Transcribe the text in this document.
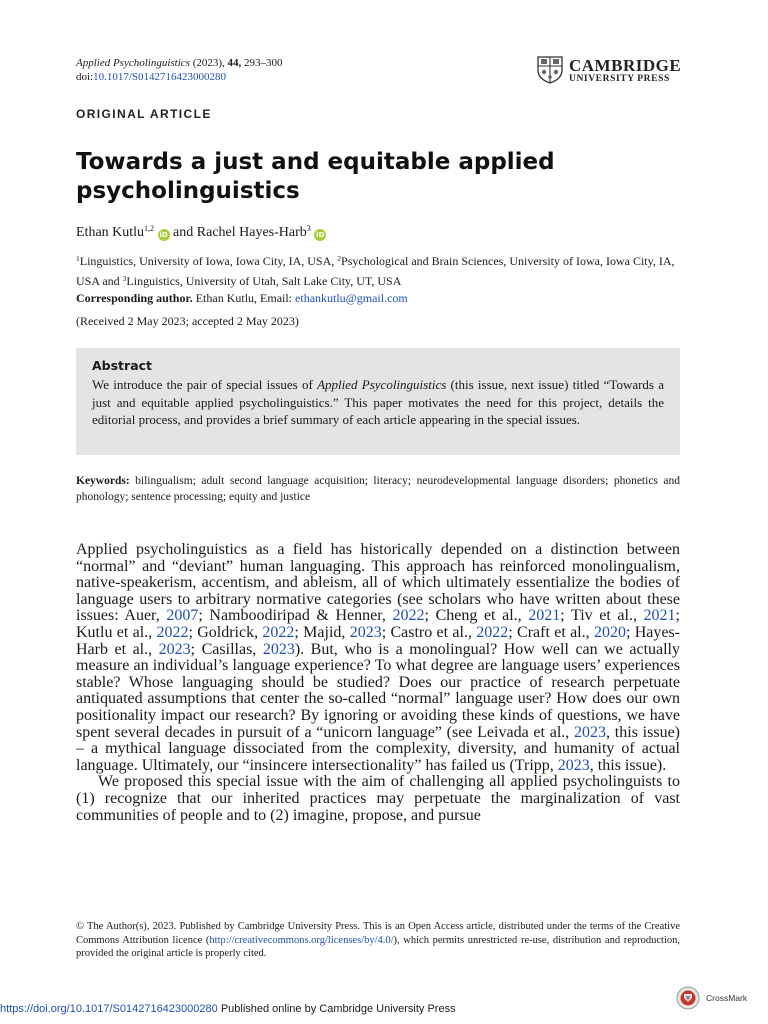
Applied Psycholinguistics (2023), 44, 293–300
doi:10.1017/S0142716423000280
CAMBRIDGE
UNIVERSITY PRESS
ORIGINAL ARTICLE
Towards a just and equitable applied psycholinguistics
Ethan Kutlu$^{1,2}$ iD and Rachel Hayes-Harb$^3$ iD
$^1$Linguistics, University of Iowa, Iowa City, IA, USA, $^2$Psychological and Brain Sciences, University of Iowa, Iowa City, IA, USA and $^3$Linguistics, University of Utah, Salt Lake City, UT, USA
Corresponding author. Ethan Kutlu, Email: ethankutlu@gmail.com
(Received 2 May 2023; accepted 2 May 2023)
Abstract

We introduce the pair of special issues of Applied Psycolinguistics (this issue, next issue) titled “Towards a just and equitable applied psycholinguistics.” This paper motivates the need for this project, details the editorial process, and provides a brief summary of each article appearing in the special issues.

Keywords: bilingualism; adult second language acquisition; literacy; neurodevelopmental language disorders; phonetics and phonology; sentence processing; equity and justice

Applied psycholinguistics as a field has historically depended on a distinction between “normal” and “deviant” human languaging. This approach has reinforced monolingualism, native-speakerism, accentism, and ableism, all of which ultimately essentialize the bodies of language users to arbitrary normative categories (see scholars who have written about these issues: Auer, 2007; Namboodiripad & Henner, 2022; Cheng et al., 2021; Tiv et al., 2021; Kutlu et al., 2022; Goldrick, 2022; Majid, 2023; Castro et al., 2022; Craft et al., 2020; Hayes-Harb et al., 2023; Casillas, 2023). But, who is a monolingual? How well can we actually measure an individual’s language experience? To what degree are language users’ experiences stable? Whose languaging should be studied? Does our practice of research perpetuate antiquated assumptions that center the so-called “normal” language user? How does our own positionality impact our research? By ignoring or avoiding these kinds of questions, we have spent several decades in pursuit of a “unicorn language” (see Leivada et al., 2023, this issue) – a mythical language dissociated from the complexity, diversity, and humanity of actual language. Ultimately, our “insincere intersectionality” has failed us (Tripp, 2023, this issue).

We proposed this special issue with the aim of challenging all applied psycholinguists to (1) recognize that our inherited practices may perpetuate the marginalization of vast communities of people and to (2) imagine, propose, and pursue

© The Author(s), 2023. Published by Cambridge University Press. This is an Open Access article, distributed under the terms of the Creative Commons Attribution licence (http://creativecommons.org/licenses/by/4.0/), which permits unrestricted re-use, distribution and reproduction, provided the original article is properly cited.
https://doi.org/10.1017/S0142716423000280 Published online by Cambridge University Press
CrossMark
